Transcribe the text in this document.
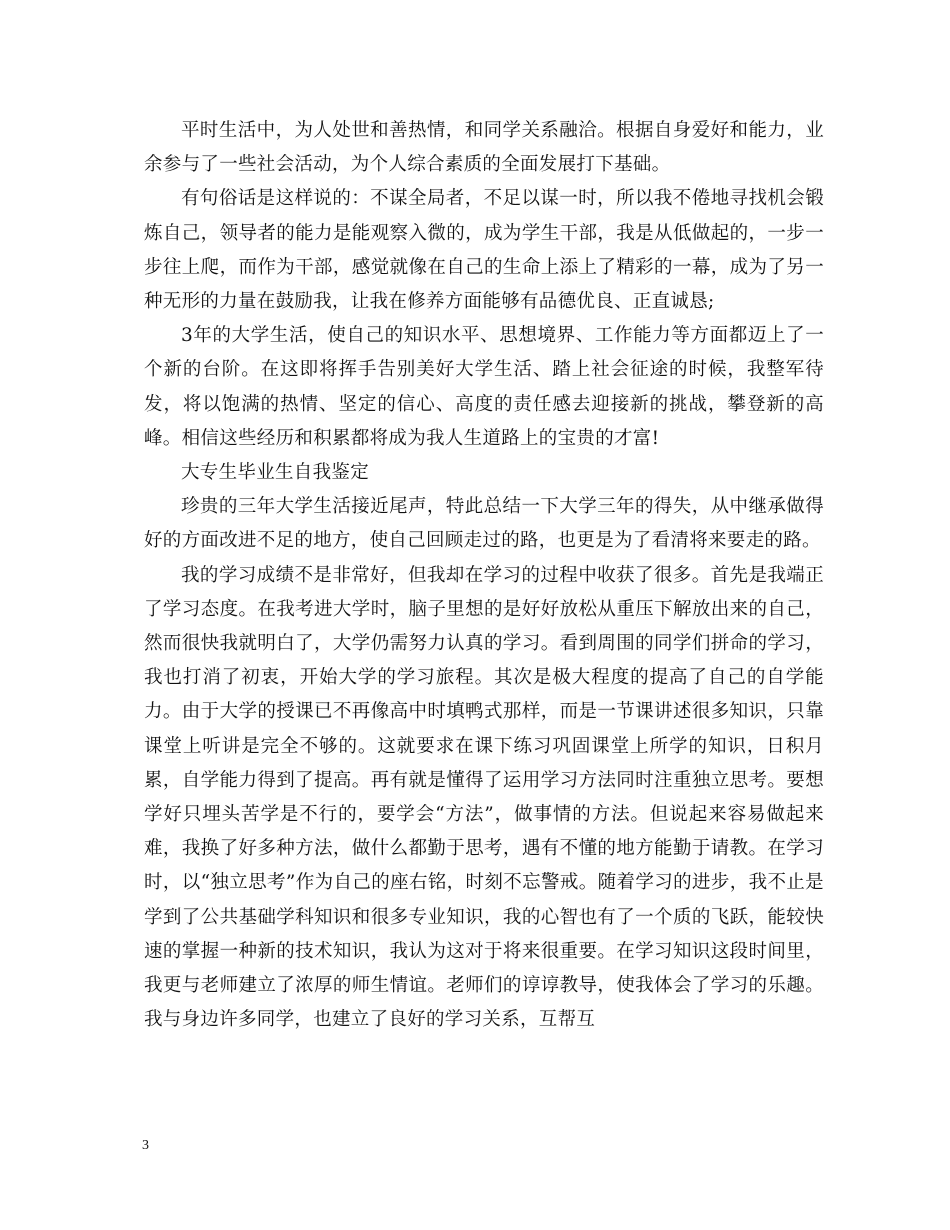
平时生活中，为人处世和善热情，和同学关系融洽。根据自身爱好和能力，业余参与了一些社会活动，为个人综合素质的全面发展打下基础。

有句俗话是这样说的：不谋全局者，不足以谋一时，所以我不倦地寻找机会锻炼自己，领导者的能力是能观察入微的，成为学生干部，我是从低做起的，一步一步往上爬，而作为干部，感觉就像在自己的生命上添上了精彩的一幕，成为了另一种无形的力量在鼓励我，让我在修养方面能够有品德优良、正直诚恳;

3年的大学生活，使自己的知识水平、思想境界、工作能力等方面都迈上了一个新的台阶。在这即将挥手告别美好大学生活、踏上社会征途的时候，我整军待发，将以饱满的热情、坚定的信心、高度的责任感去迎接新的挑战，攀登新的高峰。相信这些经历和积累都将成为我人生道路上的宝贵的才富!

大专生毕业生自我鉴定

珍贵的三年大学生活接近尾声，特此总结一下大学三年的得失，从中继承做得好的方面改进不足的地方，使自己回顾走过的路，也更是为了看清将来要走的路。

我的学习成绩不是非常好，但我却在学习的过程中收获了很多。首先是我端正了学习态度。在我考进大学时，脑子里想的是好好放松从重压下解放出来的自己，然而很快我就明白了，大学仍需努力认真的学习。看到周围的同学们拼命的学习，我也打消了初衷，开始大学的学习旅程。其次是极大程度的提高了自己的自学能力。由于大学的授课已不再像高中时填鸭式那样，而是一节课讲述很多知识，只靠课堂上听讲是完全不够的。这就要求在课下练习巩固课堂上所学的知识，日积月累，自学能力得到了提高。再有就是懂得了运用学习方法同时注重独立思考。要想学好只埋头苦学是不行的，要学会“方法”，做事情的方法。但说起来容易做起来难，我换了好多种方法，做什么都勤于思考，遇有不懂的地方能勤于请教。在学习时，以“独立思考”作为自己的座右铭，时刻不忘警戒。随着学习的进步，我不止是学到了公共基础学科知识和很多专业知识，我的心智也有了一个质的飞跃，能较快速的掌握一种新的技术知识，我认为这对于将来很重要。在学习知识这段时间里，我更与老师建立了浓厚的师生情谊。老师们的谆谆教导，使我体会了学习的乐趣。我与身边许多同学，也建立了良好的学习关系，互帮互

3
